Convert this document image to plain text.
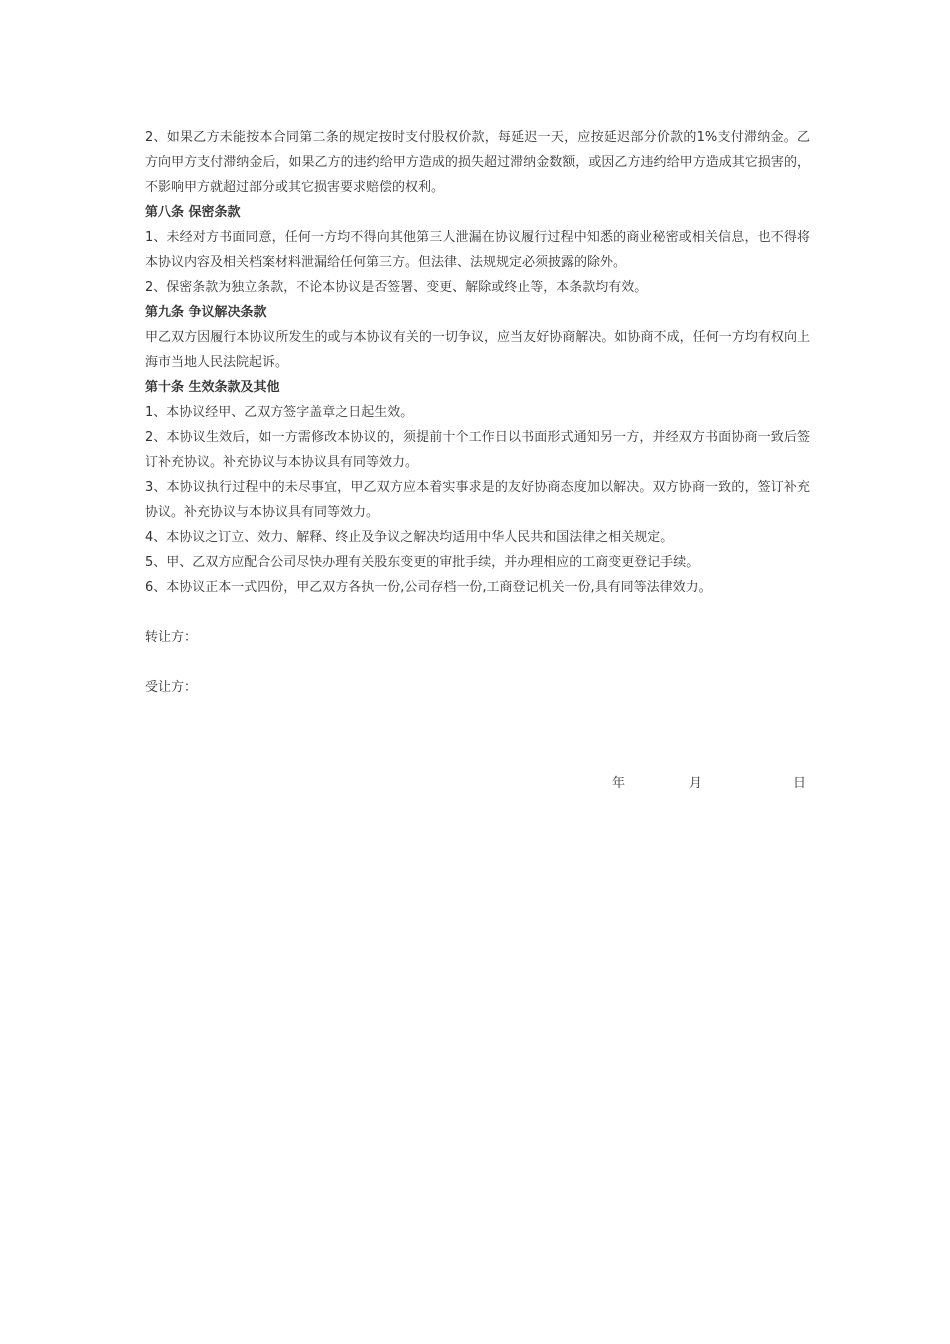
2、如果乙方未能按本合同第二条的规定按时支付股权价款，每延迟一天，应按延迟部分价款的1%支付滞纳金。乙方向甲方支付滞纳金后，如果乙方的违约给甲方造成的损失超过滞纳金数额，或因乙方违约给甲方造成其它损害的，不影响甲方就超过部分或其它损害要求赔偿的权利。

第八条 保密条款

1、未经对方书面同意，任何一方均不得向其他第三人泄漏在协议履行过程中知悉的商业秘密或相关信息，也不得将本协议内容及相关档案材料泄漏给任何第三方。但法律、法规规定必须披露的除外。

2、保密条款为独立条款，不论本协议是否签署、变更、解除或终止等，本条款均有效。

第九条 争议解决条款

甲乙双方因履行本协议所发生的或与本协议有关的一切争议，应当友好协商解决。如协商不成，任何一方均有权向上海市当地人民法院起诉。

第十条 生效条款及其他

1、本协议经甲、乙双方签字盖章之日起生效。

2、本协议生效后，如一方需修改本协议的，须提前十个工作日以书面形式通知另一方，并经双方书面协商一致后签订补充协议。补充协议与本协议具有同等效力。

3、本协议执行过程中的未尽事宜，甲乙双方应本着实事求是的友好协商态度加以解决。双方协商一致的，签订补充协议。补充协议与本协议具有同等效力。

4、本协议之订立、效力、解释、终止及争议之解决均适用中华人民共和国法律之相关规定。

5、甲、乙双方应配合公司尽快办理有关股东变更的审批手续，并办理相应的工商变更登记手续。

6、本协议正本一式四份，甲乙双方各执一份,公司存档一份,工商登记机关一份,具有同等法律效力。

转让方：

受让方：

年	月	日
